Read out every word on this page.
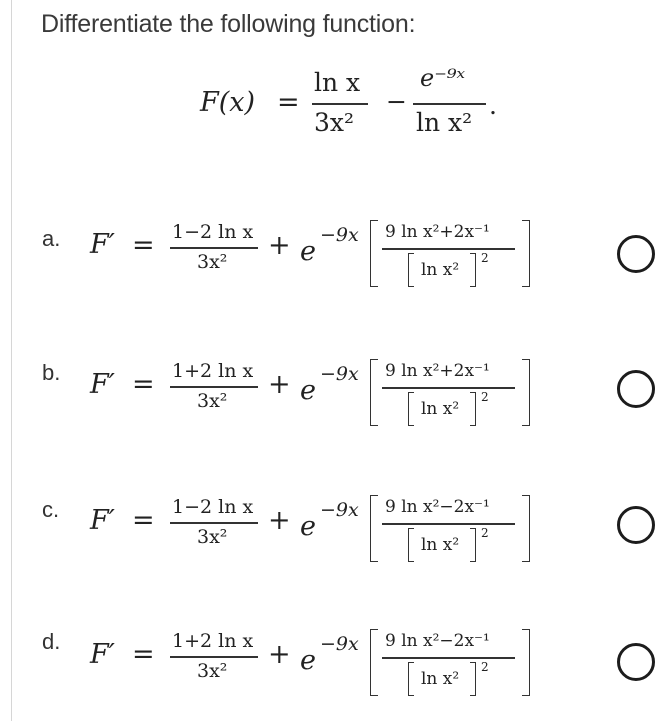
Differentiate the following function:
F(x) =
ln x
3x²
−
e⁻⁹ˣ
ln x²
.
a. F′ = 1−2 ln x
3x²
+ e
−9x 9 ln x²+2x⁻¹
ln x²
2
b. F′ = 1+2 ln x
3x²
+ e
−9x 9 ln x²+2x⁻¹
ln x²
2
c. F′ = 1−2 ln x
3x²
+ e
−9x 9 ln x²−2x⁻¹
ln x²
2
d. F′ = 1+2 ln x
3x²
+ e
−9x 9 ln x²−2x⁻¹
ln x²
2
